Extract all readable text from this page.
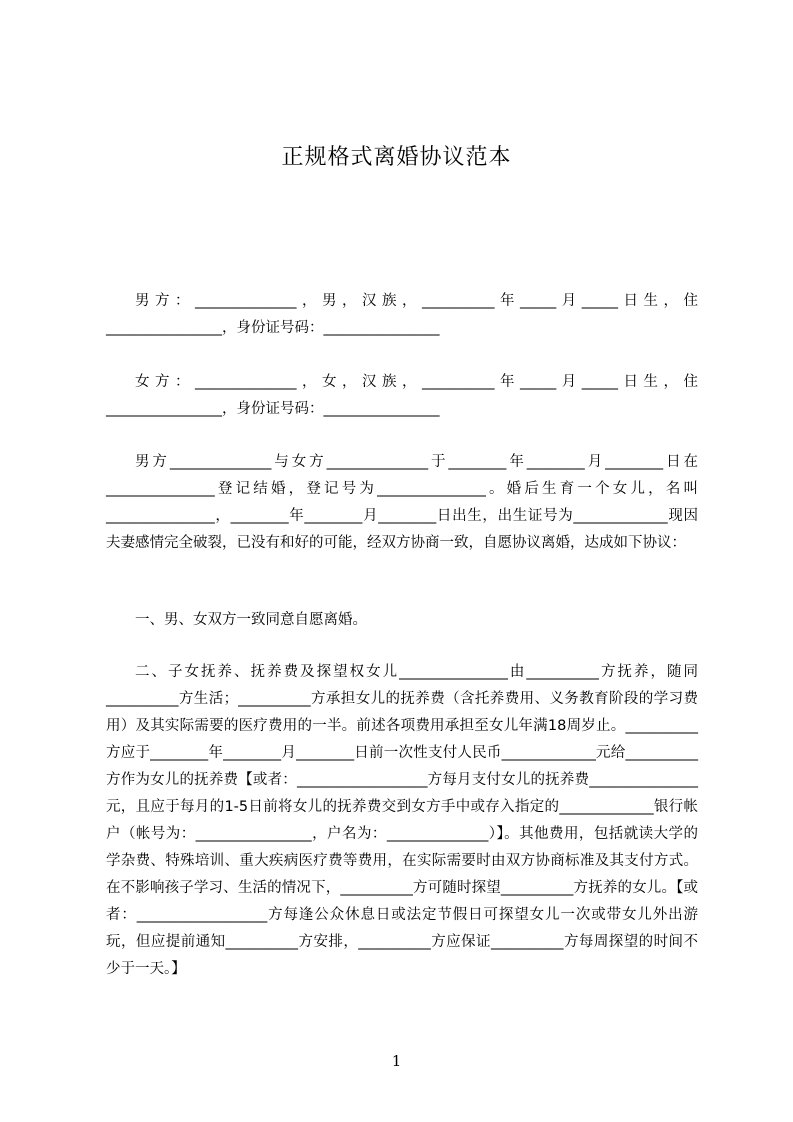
正规格式离婚协议范本

男方：______________，男，汉族，__________年_____月_____日生，住________________，身份证号码：________________

女方：______________，女，汉族，__________年_____月_____日生，住________________，身份证号码：________________

男方______________与女方______________于________年________月________日在_______________登记结婚，登记号为_______________。婚后生育一个女儿，名叫_______________，________年________月________日出生，出生证号为_____________现因夫妻感情完全破裂，已没有和好的可能，经双方协商一致，自愿协议离婚，达成如下协议：

一、男、女双方一致同意自愿离婚。

二、子女抚养、抚养费及探望权女儿_______________由__________方抚养，随同__________方生活；__________方承担女儿的抚养费（含托养费用、义务教育阶段的学习费用）及其实际需要的医疗费用的一半。前述各项费用承担至女儿年满18周岁止。__________方应于________年________月________日前一次性支付人民币_____________元给__________方作为女儿的抚养费【或者：__________________方每月支付女儿的抚养费_______________元，且应于每月的1-5日前将女儿的抚养费交到女方手中或存入指定的_____________银行帐户（帐号为：________________，户名为：______________）】。其他费用，包括就读大学的学杂费、特殊培训、重大疾病医疗费等费用，在实际需要时由双方协商标准及其支付方式。在不影响孩子学习、生活的情况下，__________方可随时探望__________方抚养的女儿。【或者：__________________方每逢公众休息日或法定节假日可探望女儿一次或带女儿外出游玩，但应提前通知__________方安排，__________方应保证__________方每周探望的时间不少于一天。】

1
